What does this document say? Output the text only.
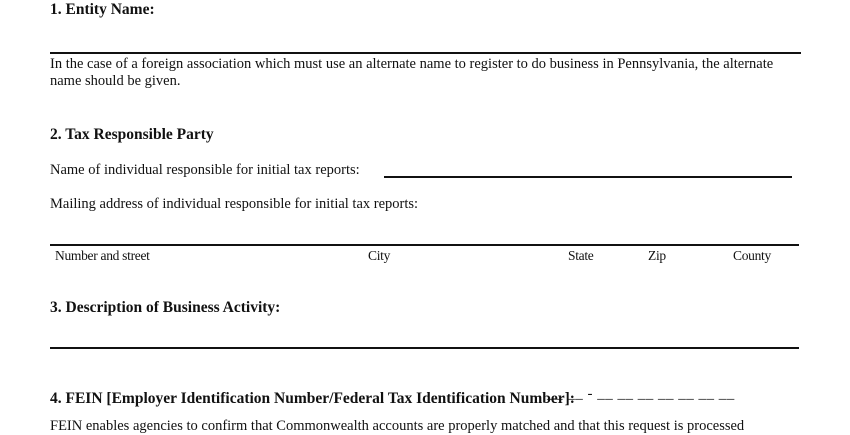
1. Entity Name:
In the case of a foreign association which must use an alternate name to register to do business in Pennsylvania, the alternate name should be given.
2. Tax Responsible Party
Name of individual responsible for initial tax reports:
Mailing address of individual responsible for initial tax reports:
Number and street	City	State	Zip	County
3. Description of Business Activity:
4. FEIN [Employer Identification Number/Federal Tax Identification Number]:
__ __ - __ __ __ __ __ __ __
FEIN enables agencies to confirm that Commonwealth accounts are properly matched and that this request is processed
